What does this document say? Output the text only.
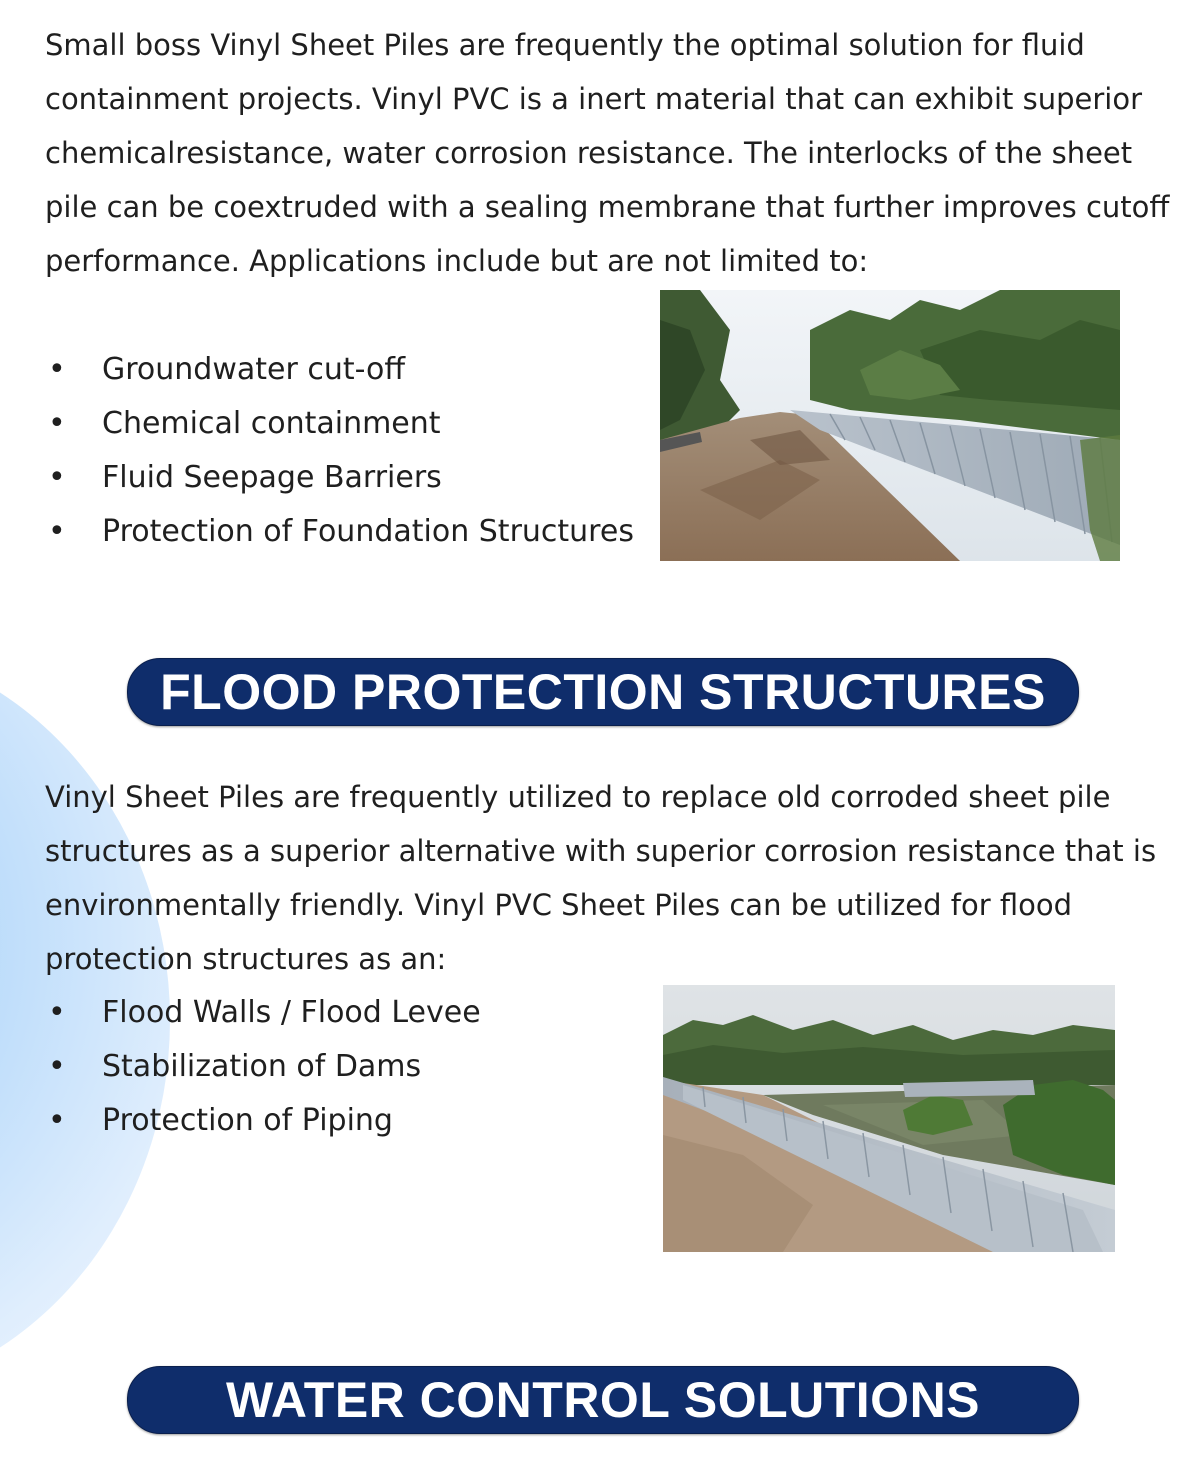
Small boss Vinyl Sheet Piles are frequently the optimal solution for fluid containment projects. Vinyl PVC is a inert material that can exhibit superior chemicalresistance, water corrosion resistance. The interlocks of the sheet pile can be coextruded with a sealing membrane that further improves cutoff performance. Applications include but are not limited to:

• Groundwater cut-off
• Chemical containment
• Fluid Seepage Barriers
• Protection of Foundation Structures
FLOOD PROTECTION STRUCTURES

Vinyl Sheet Piles are frequently utilized to replace old corroded sheet pile structures as a superior alternative with superior corrosion resistance that is environmentally friendly. Vinyl PVC Sheet Piles can be utilized for flood protection structures as an:

• Flood Walls / Flood Levee
• Stabilization of Dams
• Protection of Piping
WATER CONTROL SOLUTIONS
